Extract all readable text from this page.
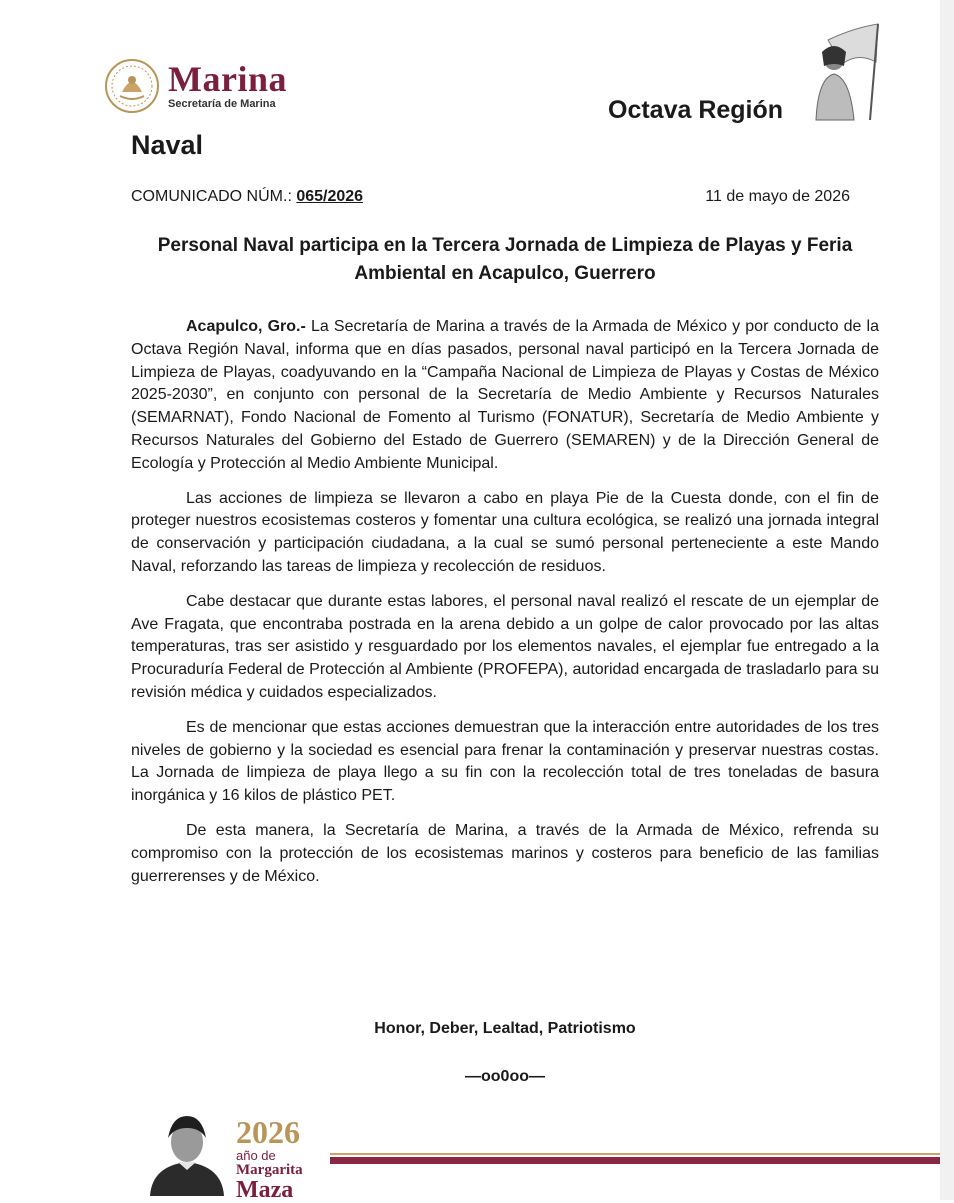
Marina
Secretaría de Marina	Octava Región
Naval
COMUNICADO NÚM.: 065/2026	11 de mayo de 2026
Personal Naval participa en la Tercera Jornada de Limpieza de Playas y Feria Ambiental en Acapulco, Guerrero

Acapulco, Gro.- La Secretaría de Marina a través de la Armada de México y por conducto de la Octava Región Naval, informa que en días pasados, personal naval participó en la Tercera Jornada de Limpieza de Playas, coadyuvando en la “Campaña Nacional de Limpieza de Playas y Costas de México 2025-2030”, en conjunto con personal de la Secretaría de Medio Ambiente y Recursos Naturales (SEMARNAT), Fondo Nacional de Fomento al Turismo (FONATUR), Secretaría de Medio Ambiente y Recursos Naturales del Gobierno del Estado de Guerrero (SEMAREN) y de la Dirección General de Ecología y Protección al Medio Ambiente Municipal.

Las acciones de limpieza se llevaron a cabo en playa Pie de la Cuesta donde, con el fin de proteger nuestros ecosistemas costeros y fomentar una cultura ecológica, se realizó una jornada integral de conservación y participación ciudadana, a la cual se sumó personal perteneciente a este Mando Naval, reforzando las tareas de limpieza y recolección de residuos.

Cabe destacar que durante estas labores, el personal naval realizó el rescate de un ejemplar de Ave Fragata, que encontraba postrada en la arena debido a un golpe de calor provocado por las altas temperaturas, tras ser asistido y resguardado por los elementos navales, el ejemplar fue entregado a la Procuraduría Federal de Protección al Ambiente (PROFEPA), autoridad encargada de trasladarlo para su revisión médica y cuidados especializados.

Es de mencionar que estas acciones demuestran que la interacción entre autoridades de los tres niveles de gobierno y la sociedad es esencial para frenar la contaminación y preservar nuestras costas. La Jornada de limpieza de playa llego a su fin con la recolección total de tres toneladas de basura inorgánica y 16 kilos de plástico PET.

De esta manera, la Secretaría de Marina, a través de la Armada de México, refrenda su compromiso con la protección de los ecosistemas marinos y costeros para beneficio de las familias guerrerenses y de México.

Honor, Deber, Lealtad, Patriotismo
—oo0oo—
2026
año de
Margarita
Maza
